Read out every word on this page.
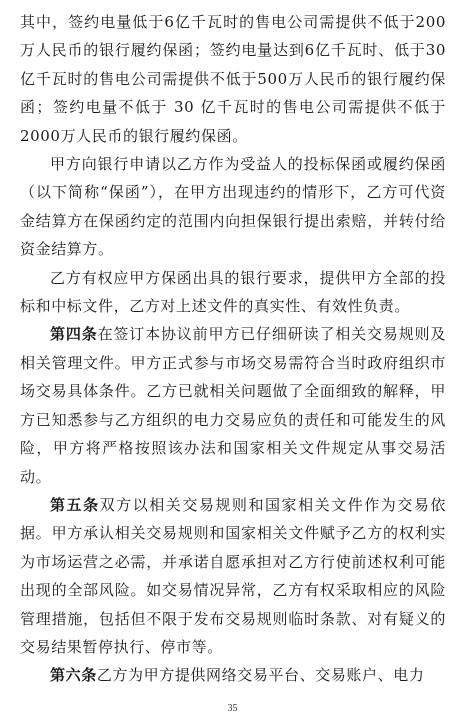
其中，签约电量低于6亿千瓦时的售电公司需提供不低于200万人民币的银行履约保函；签约电量达到6亿千瓦时、低于30亿千瓦时的售电公司需提供不低于500万人民币的银行履约保函；签约电量不低于 30 亿千瓦时的售电公司需提供不低于2000万人民币的银行履约保函。

甲方向银行申请以乙方作为受益人的投标保函或履约保函（以下简称“保函”），在甲方出现违约的情形下，乙方可代资金结算方在保函约定的范围内向担保银行提出索赔，并转付给资金结算方。

乙方有权应甲方保函出具的银行要求，提供甲方全部的投标和中标文件，乙方对上述文件的真实性、有效性负责。

第四条在签订本协议前甲方已仔细研读了相关交易规则及相关管理文件。甲方正式参与市场交易需符合当时政府组织市场交易具体条件。乙方已就相关问题做了全面细致的解释，甲方已知悉参与乙方组织的电力交易应负的责任和可能发生的风险，甲方将严格按照该办法和国家相关文件规定从事交易活动。

第五条双方以相关交易规则和国家相关文件作为交易依据。甲方承认相关交易规则和国家相关文件赋予乙方的权利实为市场运营之必需，并承诺自愿承担对乙方行使前述权利可能出现的全部风险。如交易情况异常，乙方有权采取相应的风险管理措施，包括但不限于发布交易规则临时条款、对有疑义的交易结果暂停执行、停市等。

第六条乙方为甲方提供网络交易平台、交易账户、电力

35
